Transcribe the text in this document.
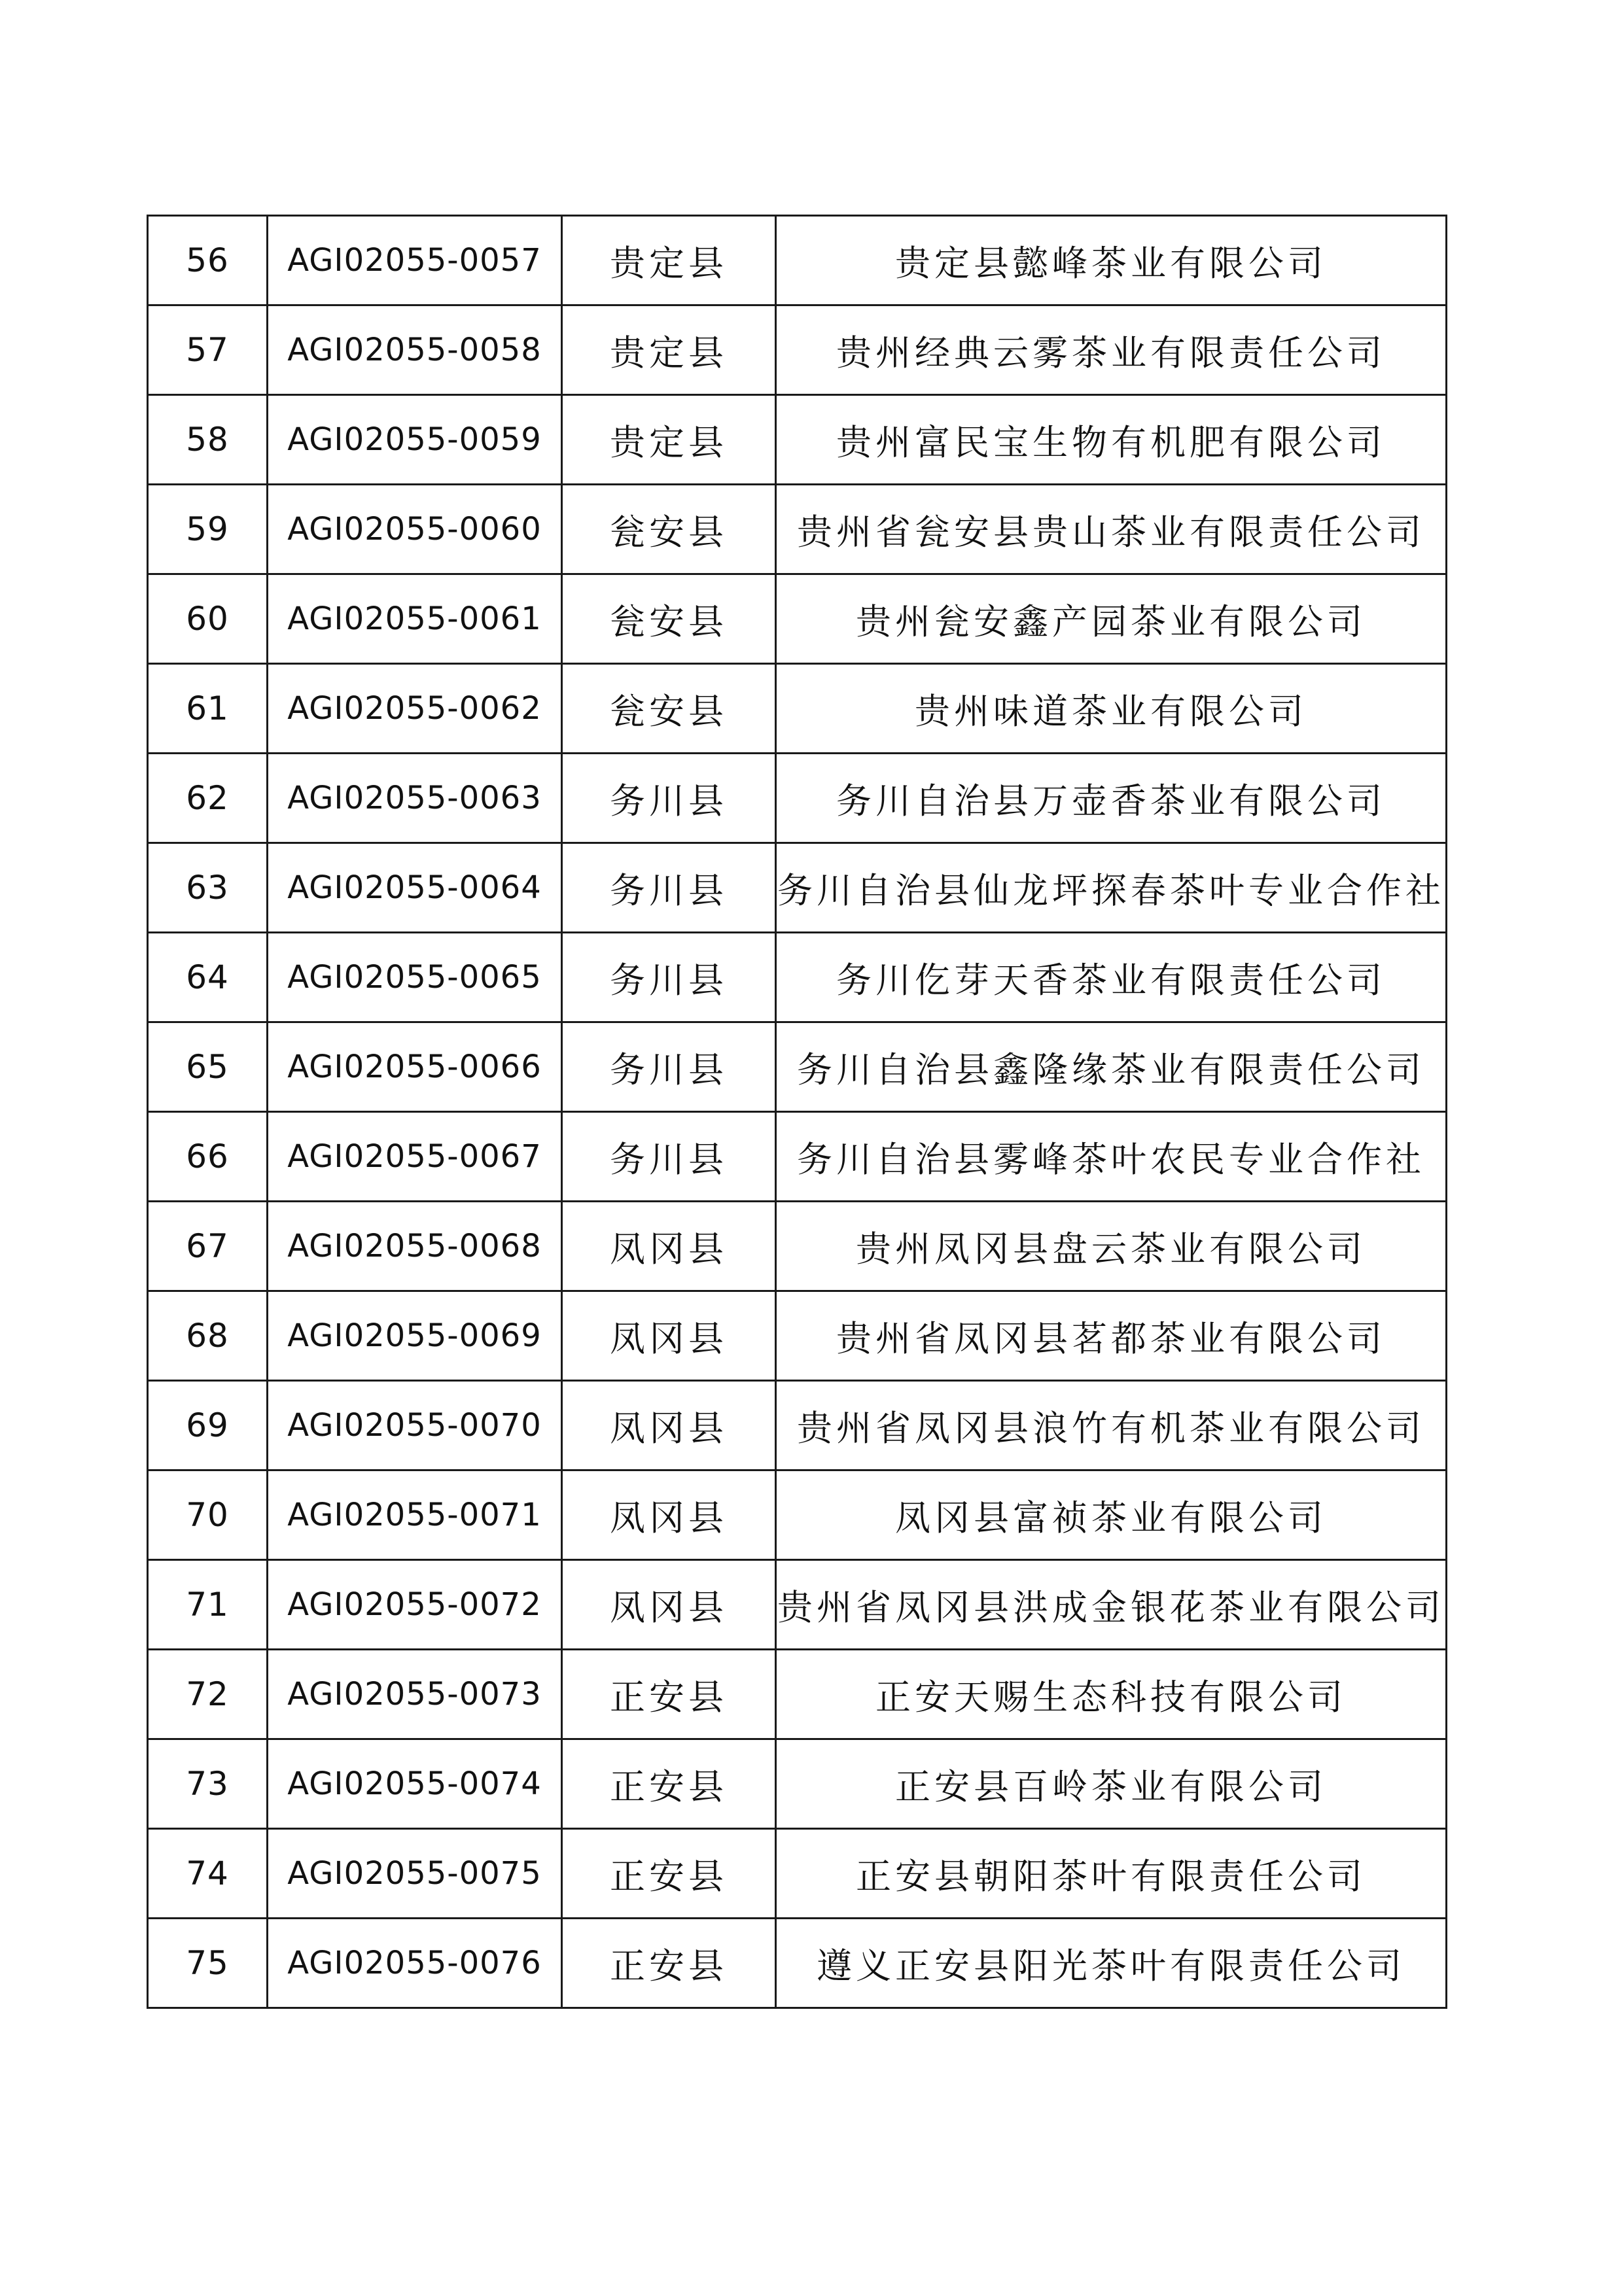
56	AGI02055-0057	贵定县	贵定县懿峰茶业有限公司
57	AGI02055-0058	贵定县	贵州经典云雾茶业有限责任公司
58	AGI02055-0059	贵定县	贵州富民宝生物有机肥有限公司
59	AGI02055-0060	瓮安县	贵州省瓮安县贵山茶业有限责任公司
60	AGI02055-0061	瓮安县	贵州瓮安鑫产园茶业有限公司
61	AGI02055-0062	瓮安县	贵州味道茶业有限公司
62	AGI02055-0063	务川县	务川自治县万壶香茶业有限公司
63	AGI02055-0064	务川县	务川自治县仙龙坪探春茶叶专业合作社
64	AGI02055-0065	务川县	务川仡芽天香茶业有限责任公司
65	AGI02055-0066	务川县	务川自治县鑫隆缘茶业有限责任公司
66	AGI02055-0067	务川县	务川自治县雾峰茶叶农民专业合作社
67	AGI02055-0068	凤冈县	贵州凤冈县盘云茶业有限公司
68	AGI02055-0069	凤冈县	贵州省凤冈县茗都茶业有限公司
69	AGI02055-0070	凤冈县	贵州省凤冈县浪竹有机茶业有限公司
70	AGI02055-0071	凤冈县	凤冈县富祯茶业有限公司
71	AGI02055-0072	凤冈县	贵州省凤冈县洪成金银花茶业有限公司
72	AGI02055-0073	正安县	正安天赐生态科技有限公司
73	AGI02055-0074	正安县	正安县百岭茶业有限公司
74	AGI02055-0075	正安县	正安县朝阳茶叶有限责任公司
75	AGI02055-0076	正安县	遵义正安县阳光茶叶有限责任公司
